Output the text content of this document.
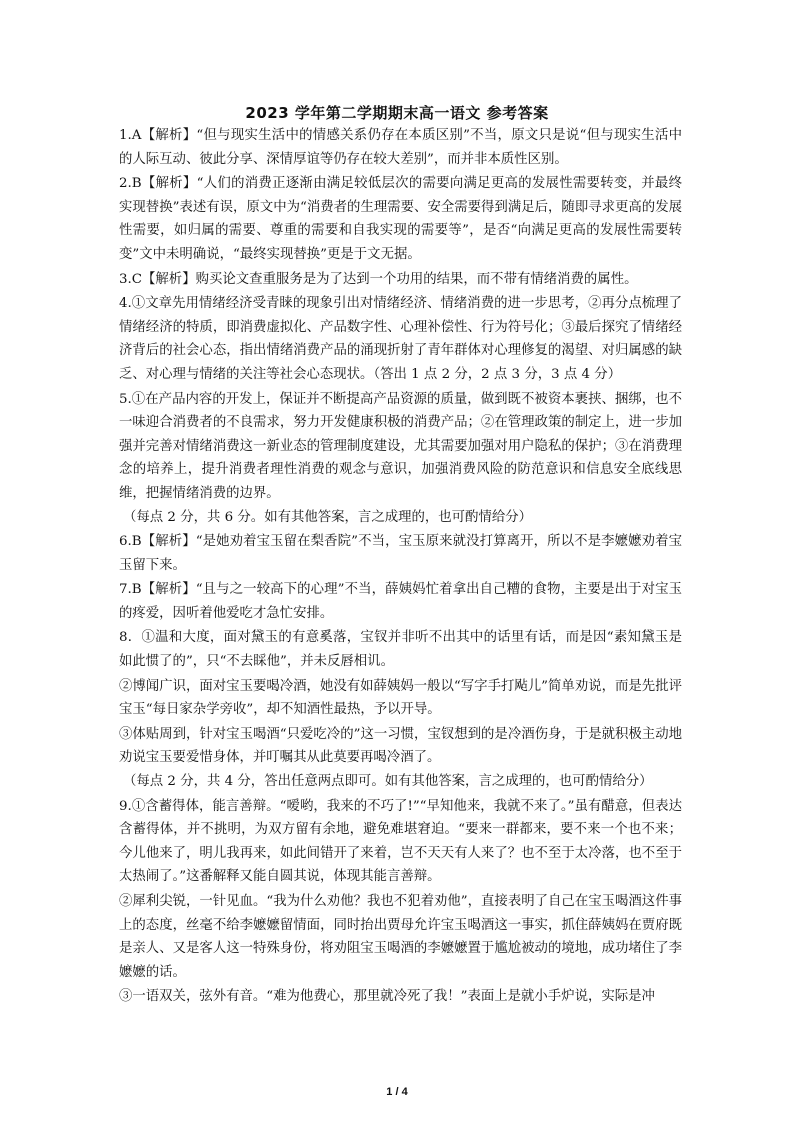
2023 学年第二学期期末高一语文 参考答案

1.A【解析】“但与现实生活中的情感关系仍存在本质区别”不当，原文只是说“但与现实生活中的人际互动、彼此分享、深情厚谊等仍存在较大差别”，而并非本质性区别。

2.B【解析】“人们的消费正逐渐由满足较低层次的需要向满足更高的发展性需要转变，并最终实现替换”表述有误，原文中为“消费者的生理需要、安全需要得到满足后，随即寻求更高的发展性需要，如归属的需要、尊重的需要和自我实现的需要等”，是否“向满足更高的发展性需要转变”文中未明确说，“最终实现替换”更是于文无据。

3.C【解析】购买论文查重服务是为了达到一个功用的结果，而不带有情绪消费的属性。

4.①文章先用情绪经济受青睐的现象引出对情绪经济、情绪消费的进一步思考，②再分点梳理了情绪经济的特质，即消费虚拟化、产品数字性、心理补偿性、行为符号化；③最后探究了情绪经济背后的社会心态，指出情绪消费产品的涌现折射了青年群体对心理修复的渴望、对归属感的缺乏、对心理与情绪的关注等社会心态现状。（答出 1 点 2 分，2 点 3 分，3 点 4 分）

5.①在产品内容的开发上，保证并不断提高产品资源的质量，做到既不被资本裹挟、捆绑，也不一味迎合消费者的不良需求，努力开发健康积极的消费产品；②在管理政策的制定上，进一步加强并完善对情绪消费这一新业态的管理制度建设，尤其需要加强对用户隐私的保护；③在消费理念的培养上，提升消费者理性消费的观念与意识，加强消费风险的防范意识和信息安全底线思维，把握情绪消费的边界。

（每点 2 分，共 6 分。如有其他答案，言之成理的，也可酌情给分）

6.B【解析】“是她劝着宝玉留在梨香院”不当，宝玉原来就没打算离开，所以不是李嬷嬷劝着宝玉留下来。

7.B【解析】“且与之一较高下的心理”不当，薛姨妈忙着拿出自己糟的食物，主要是出于对宝玉的疼爱，因听着他爱吃才急忙安排。

8．①温和大度，面对黛玉的有意奚落，宝钗并非听不出其中的话里有话，而是因“素知黛玉是如此惯了的”，只“不去睬他”，并未反唇相讥。

②博闻广识，面对宝玉要喝冷酒，她没有如薛姨妈一般以“写字手打飐儿”简单劝说，而是先批评宝玉“每日家杂学旁收”，却不知酒性最热，予以开导。

③体贴周到，针对宝玉喝酒“只爱吃冷的”这一习惯，宝钗想到的是冷酒伤身，于是就积极主动地劝说宝玉要爱惜身体，并叮嘱其从此莫要再喝冷酒了。

（每点 2 分，共 4 分，答出任意两点即可。如有其他答案，言之成理的，也可酌情给分）

9.①含蓄得体，能言善辩。“嗳哟，我来的不巧了!”“早知他来，我就不来了。”虽有醋意，但表达含蓄得体，并不挑明，为双方留有余地，避免难堪窘迫。“要来一群都来，要不来一个也不来；今儿他来了，明儿我再来，如此间错开了来着，岂不天天有人来了？也不至于太冷落，也不至于太热闹了。”这番解释又能自圆其说，体现其能言善辩。

②犀利尖锐，一针见血。“我为什么劝他？我也不犯着劝他”，直接表明了自己在宝玉喝酒这件事上的态度，丝毫不给李嬷嬷留情面，同时抬出贾母允许宝玉喝酒这一事实，抓住薛姨妈在贾府既是亲人、又是客人这一特殊身份，将劝阻宝玉喝酒的李嬷嬷置于尴尬被动的境地，成功堵住了李嬷嬷的话。

③一语双关，弦外有音。“难为他费心，那里就冷死了我！”表面上是就小手炉说，实际是冲

1 / 4
